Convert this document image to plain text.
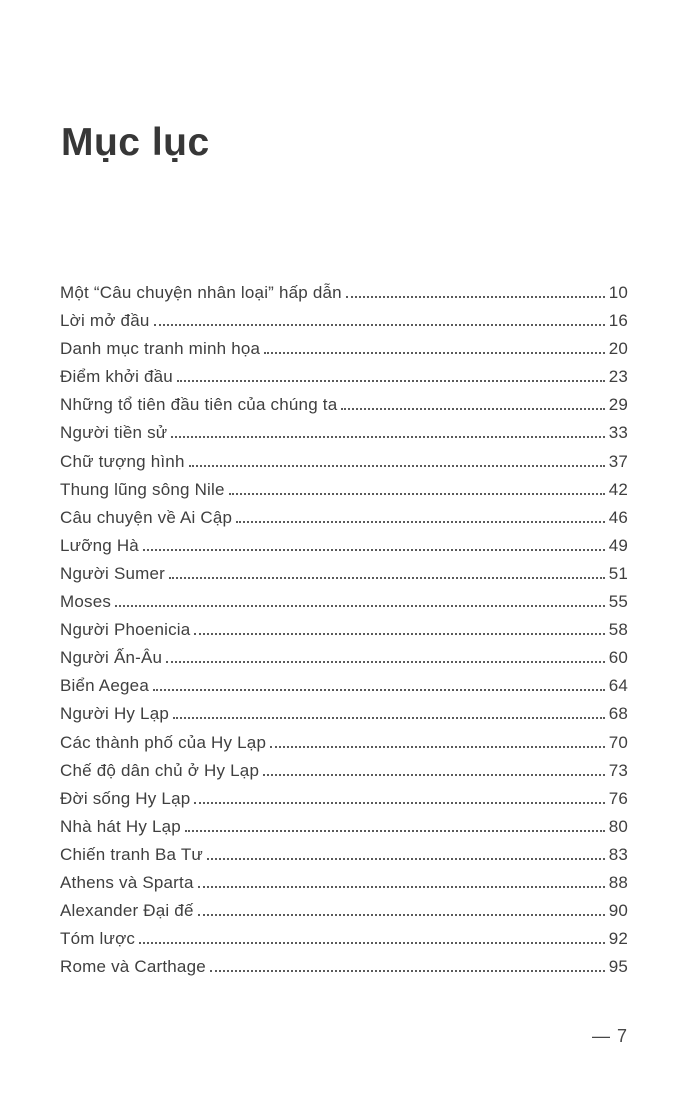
Mục lục
Một “Câu chuyện nhân loại” hấp dẫn	10
Lời mở đầu	16
Danh mục tranh minh họa	20
Điểm khởi đầu	23
Những tổ tiên đầu tiên của chúng ta	29
Người tiền sử	33
Chữ tượng hình	37
Thung lũng sông Nile	42
Câu chuyện về Ai Cập	46
Lưỡng Hà	49
Người Sumer	51
Moses	55
Người Phoenicia	58
Người Ấn-Âu	60
Biển Aegea	64
Người Hy Lạp	68
Các thành phố của Hy Lạp	70
Chế độ dân chủ ở Hy Lạp	73
Đời sống Hy Lạp	76
Nhà hát Hy Lạp	80
Chiến tranh Ba Tư	83
Athens và Sparta	88
Alexander Đại đế	90
Tóm lược	92
Rome và Carthage	95
— 7
